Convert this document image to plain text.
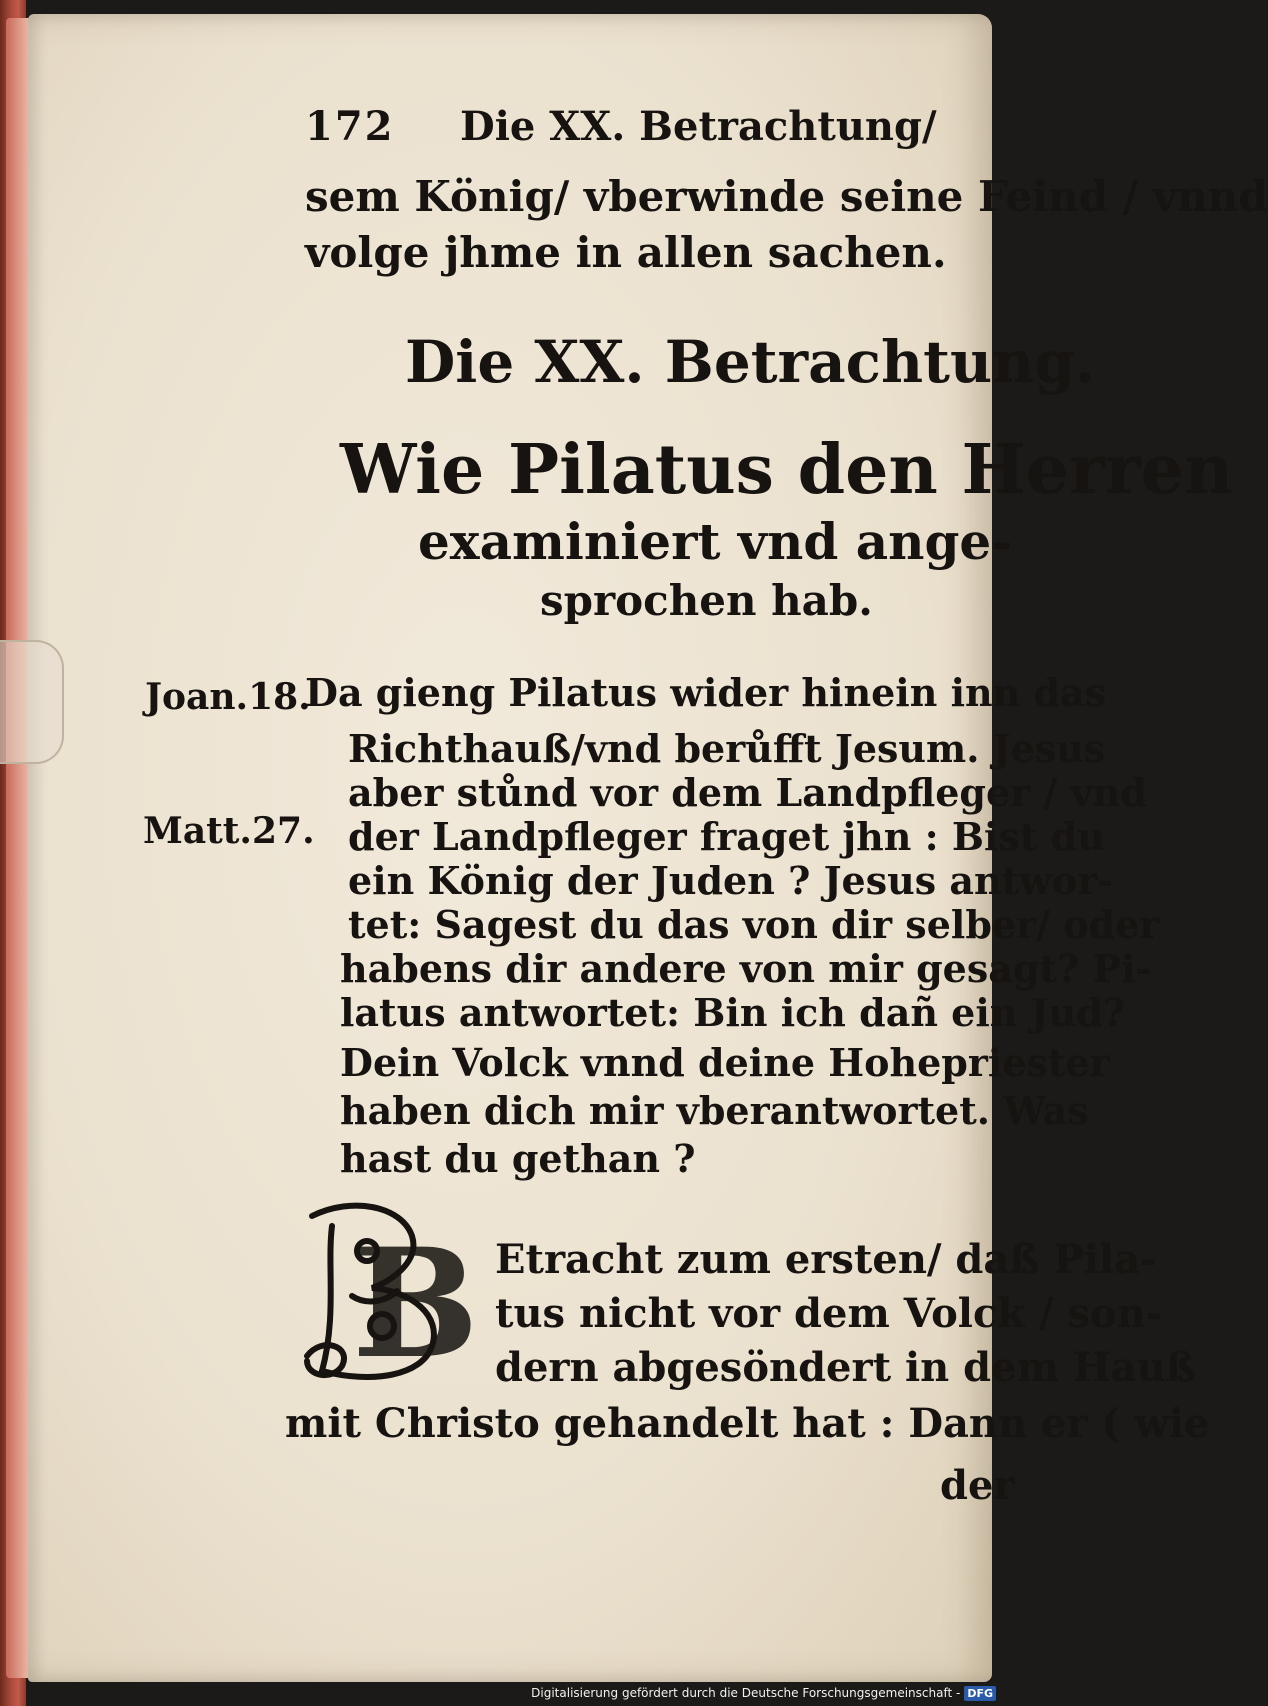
172 Die XX. Betrachtung/
sem König/ vberwinde seine Feind / vnnd
volge jhme in allen sachen.
Die XX. Betrachtung.
Wie Pilatus den Herren
examiniert vnd ange-
sprochen hab.
Joan.18.
Matt.27.
Da gieng Pilatus wider hinein inn das
Richthauß/vnd berůfft Jesum. Jesus
aber stůnd vor dem Landpfleger / vnd
der Landpfleger fraget jhn : Bist du
ein König der Juden ? Jesus antwor-
tet: Sagest du das von dir selber/ oder
habens dir andere von mir gesagt? Pi-
latus antwortet: Bin ich dañ ein Jud?
Dein Volck vnnd deine Hohepriester
haben dich mir vberantwortet. Was
hast du gethan ?
B Etracht zum ersten/ daß Pila-
tus nicht vor dem Volck / son-
dern abgesöndert in dem Hauß
mit Christo gehandelt hat : Dann er ( wie
der
Digitalisierung gefördert durch die Deutsche Forschungsgemeinschaft - DFG
